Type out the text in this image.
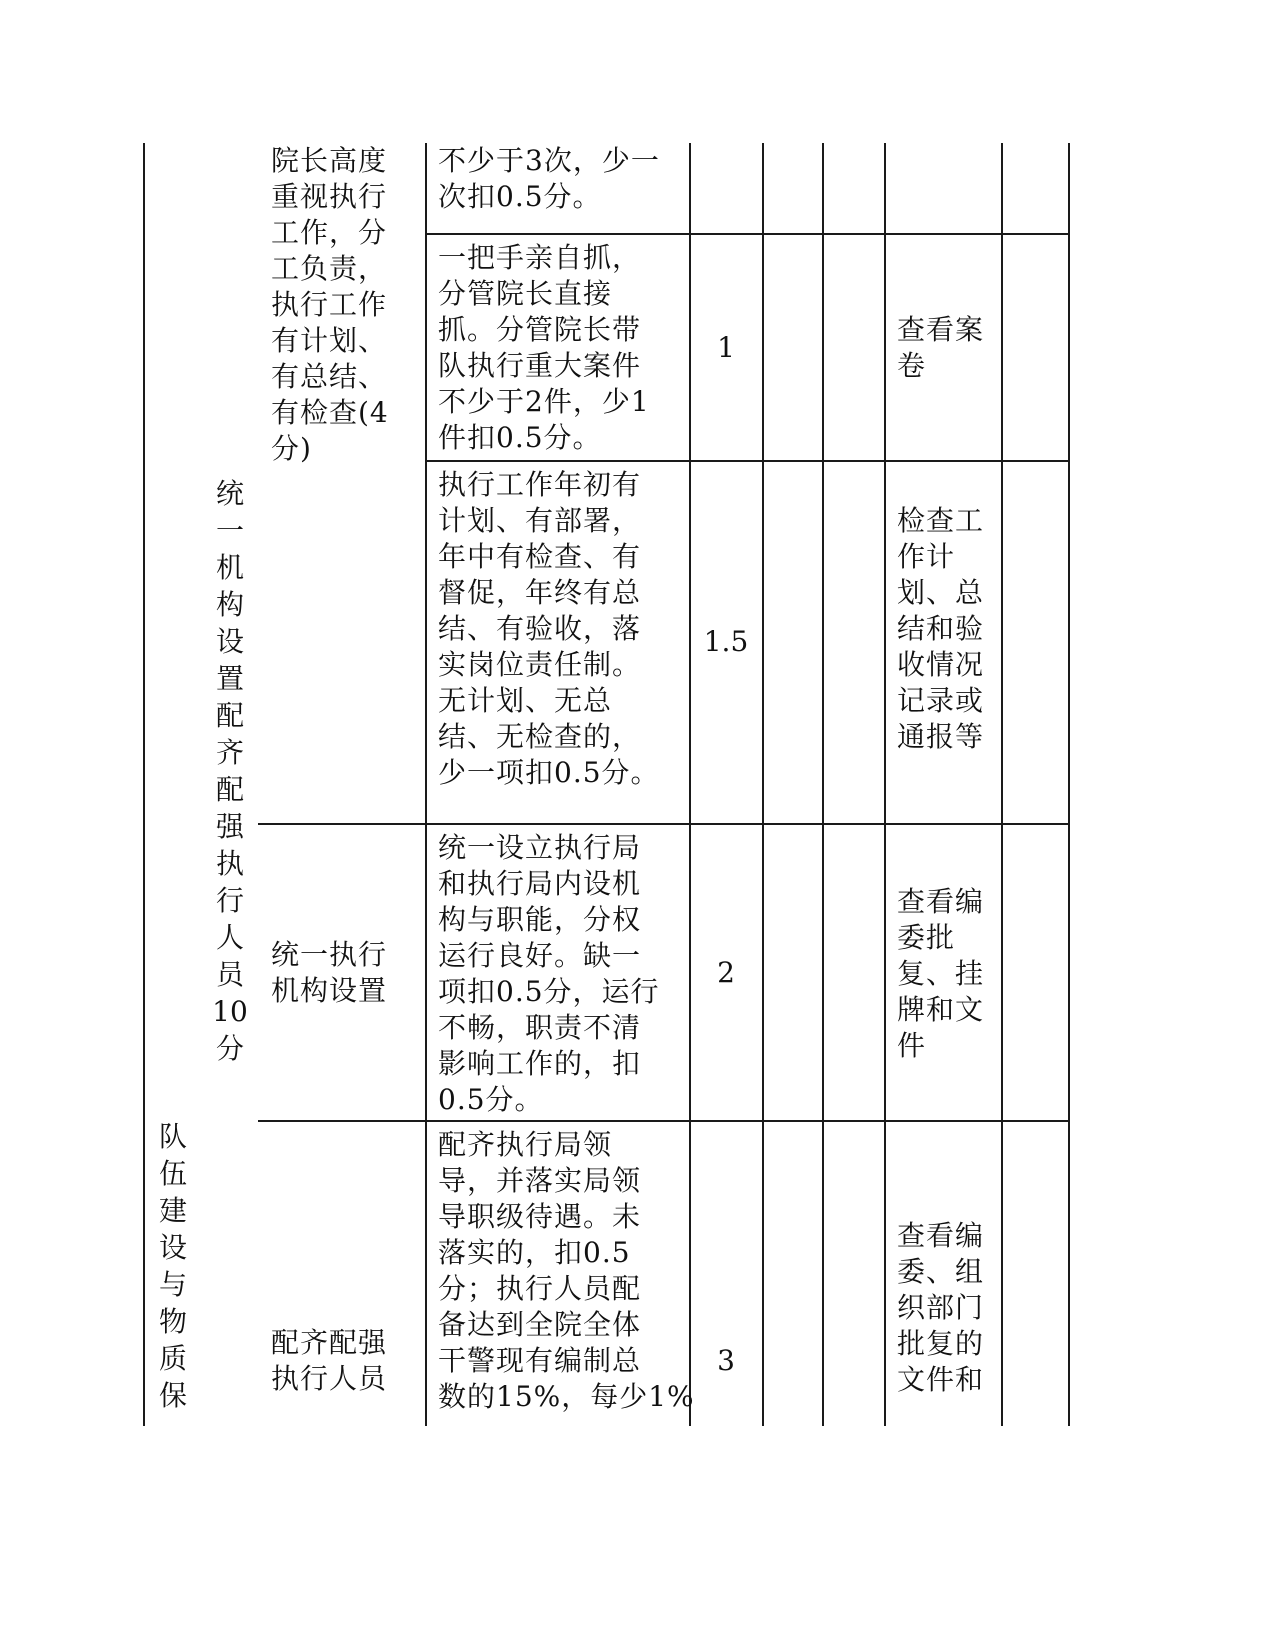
队
伍
建
设
与
物
质
保
统
一
机
构
设
置
配
齐
配
强
执
行
人
员
10
分
院长高度
重视执行
工作，分
工负责，
执行工作
有计划、
有总结、
有检查(4
分)
不少于3次，少一
次扣0.5分。
一把手亲自抓，
分管院长直接
抓。分管院长带
队执行重大案件
不少于2件，少1
件扣0.5分。
1
查看案
卷
执行工作年初有
计划、有部署，
年中有检查、有
督促，年终有总
结、有验收，落
实岗位责任制。
无计划、无总
结、无检查的，
少一项扣0.5分。
1.5
检查工
作计
划、总
结和验
收情况
记录或
通报等
统一执行
机构设置
统一设立执行局
和执行局内设机
构与职能，分权
运行良好。缺一
项扣0.5分，运行
不畅，职责不清
影响工作的，扣
0.5分。
2
查看编
委批
复、挂
牌和文
件
配齐配强
执行人员
配齐执行局领
导，并落实局领
导职级待遇。未
落实的，扣0.5
分；执行人员配
备达到全院全体
干警现有编制总
数的15%，每少1%
3
查看编
委、组
织部门
批复的
文件和
